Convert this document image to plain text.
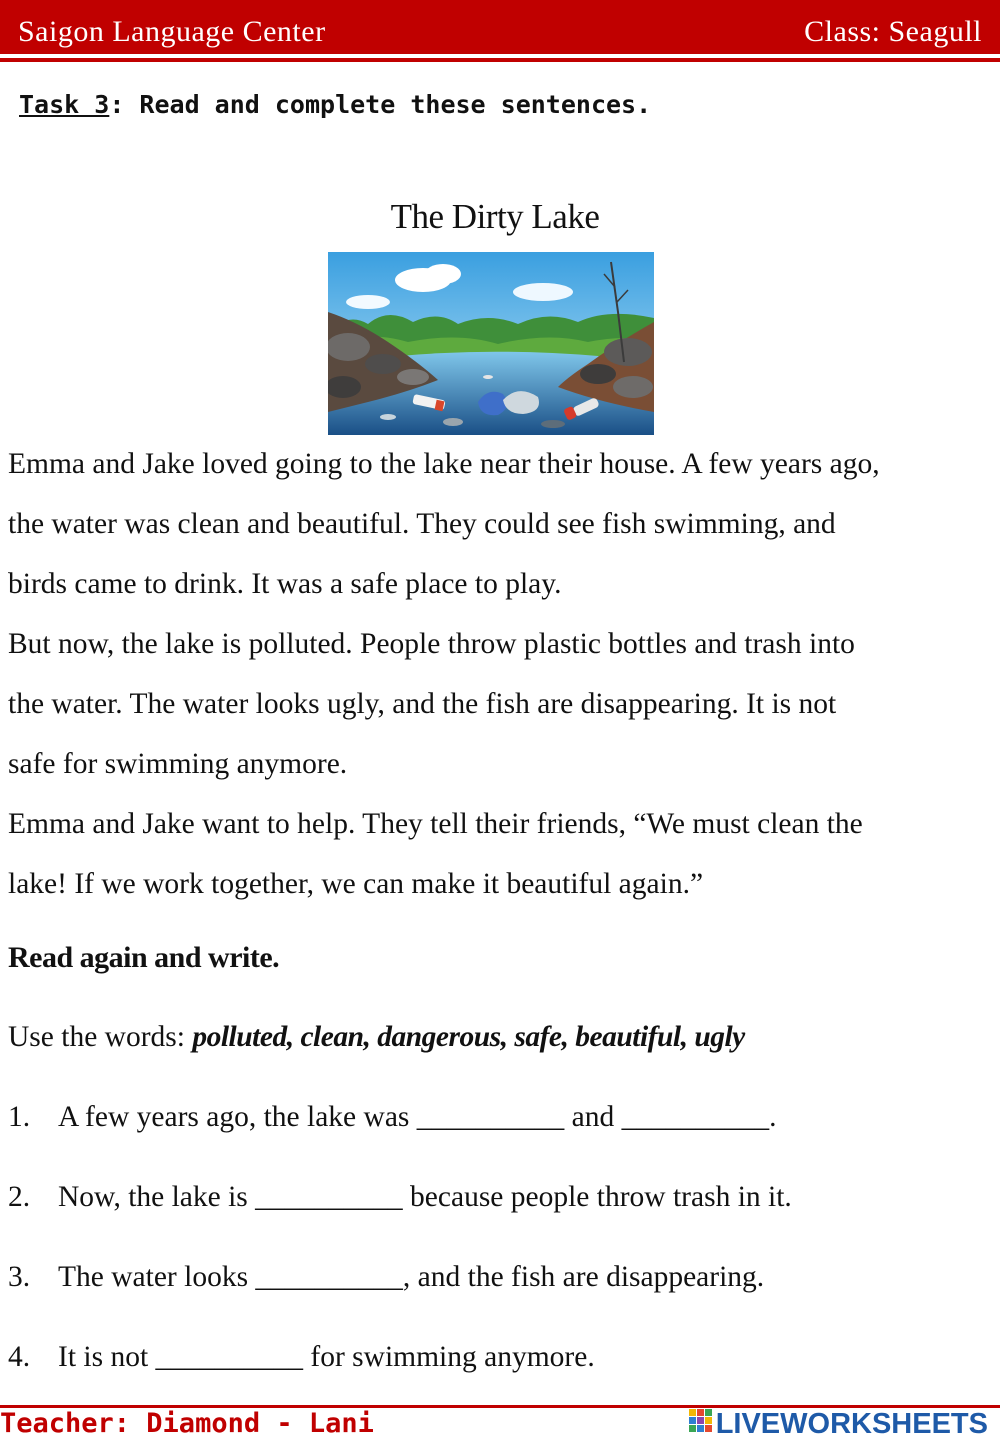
Saigon Language Center	Class: Seagull
Task 3: Read and complete these sentences.
The Dirty Lake

Emma and Jake loved going to the lake near their house. A few years ago,

the water was clean and beautiful. They could see fish swimming, and

birds came to drink. It was a safe place to play.

But now, the lake is polluted. People throw plastic bottles and trash into

the water. The water looks ugly, and the fish are disappearing. It is not

safe for swimming anymore.

Emma and Jake want to help. They tell their friends, “We must clean the

lake! If we work together, we can make it beautiful again.”

Read again and write.
Use the words: polluted, clean, dangerous, safe, beautiful, ugly
1. A few years ago, the lake was __________ and __________.
2. Now, the lake is __________ because people throw trash in it.
3. The water looks __________, and the fish are disappearing.
4. It is not __________ for swimming anymore.
Teacher: Diamond - Lani	LIVEWORKSHEETS
